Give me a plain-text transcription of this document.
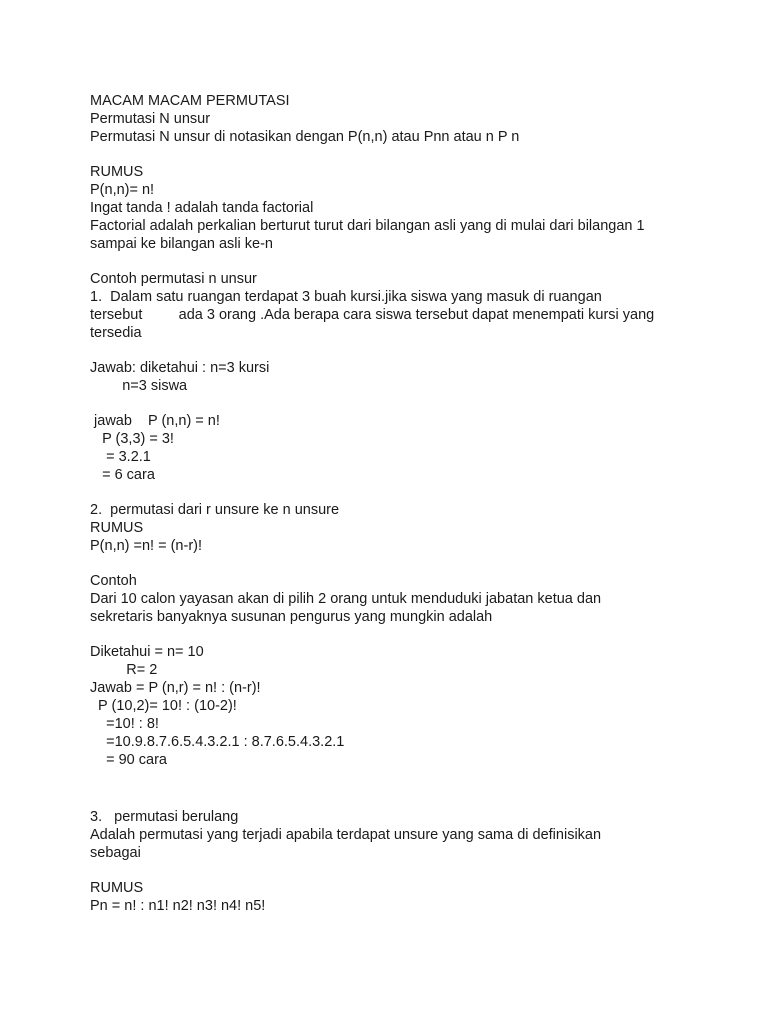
MACAM MACAM PERMUTASI
Permutasi N unsur
Permutasi N unsur di notasikan dengan P(n,n) atau Pnn atau n P n
RUMUS
P(n,n)= n!
Ingat tanda ! adalah tanda factorial
Factorial adalah perkalian berturut turut dari bilangan asli yang di mulai dari bilangan 1
sampai ke bilangan asli ke-n
Contoh permutasi n unsur
1.  Dalam satu ruangan terdapat 3 buah kursi.jika siswa yang masuk di ruangan
tersebut         ada 3 orang .Ada berapa cara siswa tersebut dapat menempati kursi yang
tersedia
Jawab: diketahui : n=3 kursi
n=3 siswa
jawab    P (n,n) = n!
P (3,3) = 3!
= 3.2.1
= 6 cara
2.  permutasi dari r unsure ke n unsure
RUMUS
P(n,n) =n! = (n-r)!
Contoh
Dari 10 calon yayasan akan di pilih 2 orang untuk menduduki jabatan ketua dan
sekretaris banyaknya susunan pengurus yang mungkin adalah
Diketahui = n= 10
R= 2
Jawab = P (n,r) = n! : (n-r)!
P (10,2)= 10! : (10-2)!
=10! : 8!
=10.9.8.7.6.5.4.3.2.1 : 8.7.6.5.4.3.2.1
= 90 cara
3.   permutasi berulang
Adalah permutasi yang terjadi apabila terdapat unsure yang sama di definisikan
sebagai
RUMUS
Pn = n! : n1! n2! n3! n4! n5!
